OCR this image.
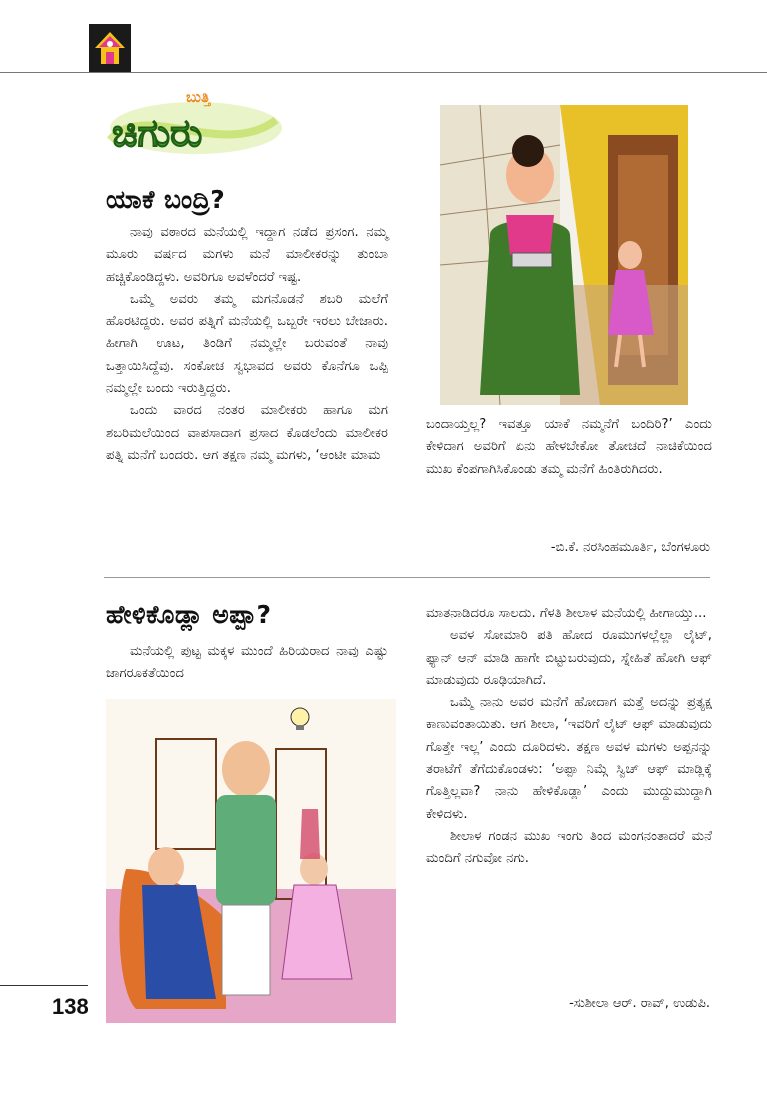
ಬುತ್ತಿ
ಚಿಗುರು
ಯಾಕೆ ಬಂದ್ರಿ?

ನಾವು ವಠಾರದ ಮನೆಯಲ್ಲಿ ಇದ್ದಾಗ ನಡೆದ ಪ್ರಸಂಗ. ನಮ್ಮ ಮೂರು ವರ್ಷದ ಮಗಳು ಮನೆ ಮಾಲೀಕರನ್ನು ತುಂಬಾ ಹಚ್ಚಿಕೊಂಡಿದ್ದಳು. ಅವರಿಗೂ ಅವಳೆಂದರೆ ಇಷ್ಟ.

ಒಮ್ಮೆ ಅವರು ತಮ್ಮ ಮಗನೊಡನೆ ಶಬರಿ ಮಲೆಗೆ ಹೊರಟಿದ್ದರು. ಅವರ ಪತ್ನಿಗೆ ಮನೆಯಲ್ಲಿ ಒಬ್ಬರೇ ಇರಲು ಬೇಜಾರು. ಹೀಗಾಗಿ ಊಟ, ತಿಂಡಿಗೆ ನಮ್ಮಲ್ಲೇ ಬರುವಂತೆ ನಾವು ಒತ್ತಾಯಿಸಿದ್ದೆವು. ಸಂಕೋಚ ಸ್ವಭಾವದ ಅವರು ಕೊನೆಗೂ ಒಪ್ಪಿ ನಮ್ಮಲ್ಲೇ ಬಂದು ಇರುತ್ತಿದ್ದರು.

ಒಂದು ವಾರದ ನಂತರ ಮಾಲೀಕರು ಹಾಗೂ ಮಗ ಶಬರಿಮಲೆಯಿಂದ ವಾಪಸಾದಾಗ ಪ್ರಸಾದ ಕೊಡಲೆಂದು ಮಾಲೀಕರ ಪತ್ನಿ ಮನೆಗೆ ಬಂದರು. ಆಗ ತಕ್ಷಣ ನಮ್ಮ ಮಗಳು, ‘ಆಂಟೀ ಮಾಮ

ಬಂದಾಯ್ತಲ್ಲ? ಇವತ್ತೂ ಯಾಕೆ ನಮ್ಮನೆಗೆ ಬಂದಿರಿ?’ ಎಂದು ಕೇಳಿದಾಗ ಅವರಿಗೆ ಏನು ಹೇಳಬೇಕೋ ತೋಚದೆ ನಾಚಿಕೆಯಿಂದ ಮುಖ ಕೆಂಪಗಾಗಿಸಿಕೊಂಡು ತಮ್ಮ ಮನೆಗೆ ಹಿಂತಿರುಗಿದರು.

-ಬಿ.ಕೆ. ನರಸಿಂಹಮೂರ್ತಿ, ಬೆಂಗಳೂರು
ಹೇಳಿಕೊಡ್ಲಾ ಅಪ್ಪಾ?

ಮನೆಯಲ್ಲಿ ಪುಟ್ಟ ಮಕ್ಕಳ ಮುಂದೆ ಹಿರಿಯರಾದ ನಾವು ಎಷ್ಟು ಜಾಗರೂಕತೆಯಿಂದ

ಮಾತನಾಡಿದರೂ ಸಾಲದು. ಗೆಳತಿ ಶೀಲಾಳ ಮನೆಯಲ್ಲಿ ಹೀಗಾಯ್ತು...

ಅವಳ ಸೋಮಾರಿ ಪತಿ ಹೋದ ರೂಮುಗಳಲ್ಲೆಲ್ಲಾ ಲೈಟ್, ಫ್ಯಾನ್ ಆನ್ ಮಾಡಿ ಹಾಗೇ ಬಿಟ್ಟುಬರುವುದು, ಸ್ನೇಹಿತೆ ಹೋಗಿ ಆಫ್ ಮಾಡುವುದು ರೂಢಿಯಾಗಿದೆ.

ಒಮ್ಮೆ ನಾನು ಅವರ ಮನೆಗೆ ಹೋದಾಗ ಮತ್ತೆ ಅದನ್ನು ಪ್ರತ್ಯಕ್ಷ ಕಾಣುವಂತಾಯಿತು. ಆಗ ಶೀಲಾ, ‘ಇವರಿಗೆ ಲೈಟ್ ಆಫ್ ಮಾಡುವುದು ಗೊತ್ತೇ ಇಲ್ಲ’ ಎಂದು ದೂರಿದಳು. ತಕ್ಷಣ ಅವಳ ಮಗಳು ಅಪ್ಪನನ್ನು ತರಾಟೆಗೆ ತೆಗೆದುಕೊಂಡಳು: ‘ಅಪ್ಪಾ ನಿಮ್ಗೆ ಸ್ವಿಚ್ ಆಫ್ ಮಾಡ್ಲಿಕ್ಕೆ ಗೊತ್ತಿಲ್ಲವಾ? ನಾನು ಹೇಳಿಕೊಡ್ಲಾ’ ಎಂದು ಮುದ್ದುಮುದ್ದಾಗಿ ಕೇಳಿದಳು.

ಶೀಲಾಳ ಗಂಡನ ಮುಖ ಇಂಗು ತಿಂದ ಮಂಗನಂತಾದರೆ ಮನೆ ಮಂದಿಗೆ ನಗುವೋ ನಗು.

-ಸುಶೀಲಾ ಆರ್. ರಾವ್, ಉಡುಪಿ.
138
